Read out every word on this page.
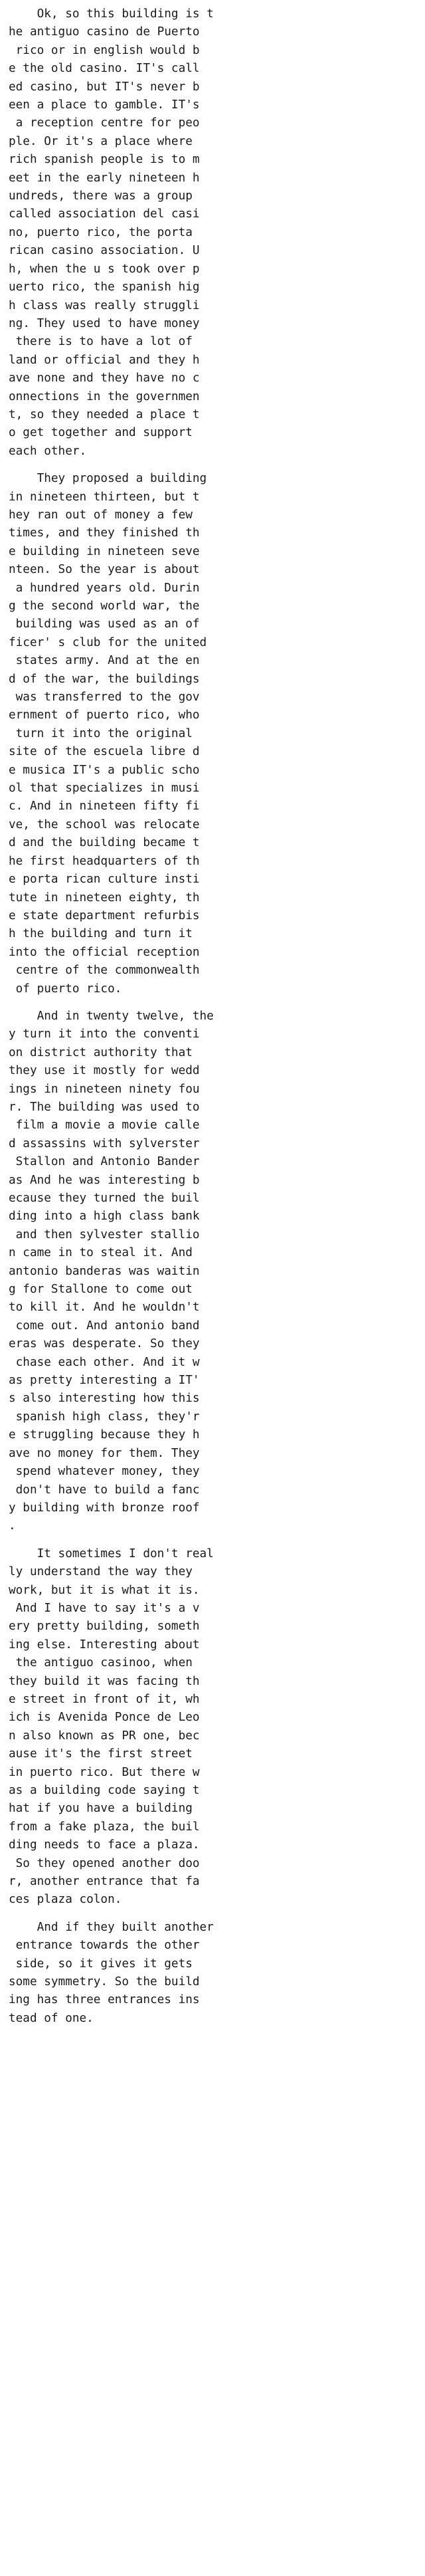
Ok, so this building is t
he antiguo casino de Puerto
rico or in english would b
e the old casino. IT's call
ed casino, but IT's never b
een a place to gamble. IT's
a reception centre for peo
ple. Or it's a place where
rich spanish people is to m
eet in the early nineteen h
undreds, there was a group
called association del casi
no, puerto rico, the porta
rican casino association. U
h, when the u s took over p
uerto rico, the spanish hig
h class was really struggli
ng. They used to have money
there is to have a lot of
land or official and they h
ave none and they have no c
onnections in the governmen
t, so they needed a place t
o get together and support
each other.

They proposed a building
in nineteen thirteen, but t
hey ran out of money a few
times, and they finished th
e building in nineteen seve
nteen. So the year is about
a hundred years old. Durin
g the second world war, the
building was used as an of
ficer' s club for the united
states army. And at the en
d of the war, the buildings
was transferred to the gov
ernment of puerto rico, who
turn it into the original
site of the escuela libre d
e musica IT's a public scho
ol that specializes in musi
c. And in nineteen fifty fi
ve, the school was relocate
d and the building became t
he first headquarters of th
e porta rican culture insti
tute in nineteen eighty, th
e state department refurbis
h the building and turn it
into the official reception
centre of the commonwealth
of puerto rico.

And in twenty twelve, the
y turn it into the conventi
on district authority that
they use it mostly for wedd
ings in nineteen ninety fou
r. The building was used to
film a movie a movie calle
d assassins with sylverster
Stallon and Antonio Bander
as And he was interesting b
ecause they turned the buil
ding into a high class bank
and then sylvester stallio
n came in to steal it. And
antonio banderas was waitin
g for Stallone to come out
to kill it. And he wouldn't
come out. And antonio band
eras was desperate. So they
chase each other. And it w
as pretty interesting a IT'
s also interesting how this
spanish high class, they'r
e struggling because they h
ave no money for them. They
spend whatever money, they
don't have to build a fanc
y building with bronze roof
.

It sometimes I don't real
ly understand the way they
work, but it is what it is.
And I have to say it's a v
ery pretty building, someth
ing else. Interesting about
the antiguo casinoo, when
they build it was facing th
e street in front of it, wh
ich is Avenida Ponce de Leo
n also known as PR one, bec
ause it's the first street
in puerto rico. But there w
as a building code saying t
hat if you have a building
from a fake plaza, the buil
ding needs to face a plaza.
So they opened another doo
r, another entrance that fa
ces plaza colon.

And if they built another
entrance towards the other
side, so it gives it gets
some symmetry. So the build
ing has three entrances ins
tead of one.
